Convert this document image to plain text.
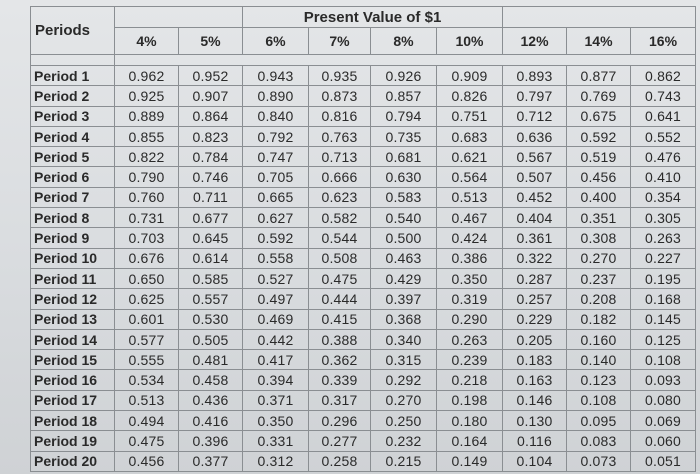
Periods			Present Value of $1						
	4%	5%	6%	7%	8%	10%	12%	14%	16%

Period 1	0.962	0.952	0.943	0.935	0.926	0.909	0.893	0.877	0.862
Period 2	0.925	0.907	0.890	0.873	0.857	0.826	0.797	0.769	0.743
Period 3	0.889	0.864	0.840	0.816	0.794	0.751	0.712	0.675	0.641
Period 4	0.855	0.823	0.792	0.763	0.735	0.683	0.636	0.592	0.552
Period 5	0.822	0.784	0.747	0.713	0.681	0.621	0.567	0.519	0.476
Period 6	0.790	0.746	0.705	0.666	0.630	0.564	0.507	0.456	0.410
Period 7	0.760	0.711	0.665	0.623	0.583	0.513	0.452	0.400	0.354
Period 8	0.731	0.677	0.627	0.582	0.540	0.467	0.404	0.351	0.305
Period 9	0.703	0.645	0.592	0.544	0.500	0.424	0.361	0.308	0.263
Period 10	0.676	0.614	0.558	0.508	0.463	0.386	0.322	0.270	0.227
Period 11	0.650	0.585	0.527	0.475	0.429	0.350	0.287	0.237	0.195
Period 12	0.625	0.557	0.497	0.444	0.397	0.319	0.257	0.208	0.168
Period 13	0.601	0.530	0.469	0.415	0.368	0.290	0.229	0.182	0.145
Period 14	0.577	0.505	0.442	0.388	0.340	0.263	0.205	0.160	0.125
Period 15	0.555	0.481	0.417	0.362	0.315	0.239	0.183	0.140	0.108
Period 16	0.534	0.458	0.394	0.339	0.292	0.218	0.163	0.123	0.093
Period 17	0.513	0.436	0.371	0.317	0.270	0.198	0.146	0.108	0.080
Period 18	0.494	0.416	0.350	0.296	0.250	0.180	0.130	0.095	0.069
Period 19	0.475	0.396	0.331	0.277	0.232	0.164	0.116	0.083	0.060
Period 20	0.456	0.377	0.312	0.258	0.215	0.149	0.104	0.073	0.051
